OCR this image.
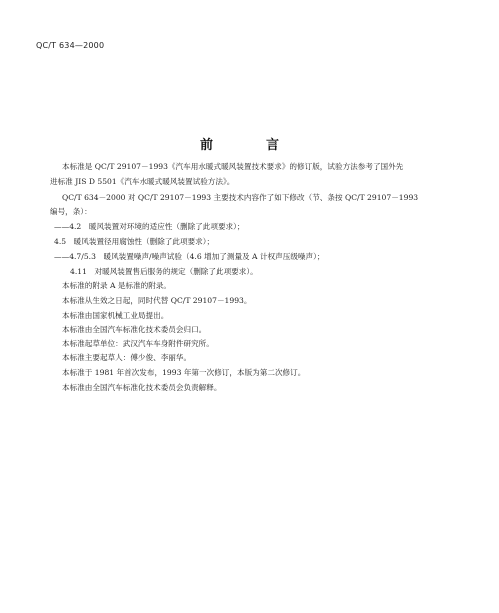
QC/T 634—2000
前　言
本标准是 QC/T 29107－1993《汽车用水暖式暖风装置技术要求》的修订版，试验方法参考了国外先
进标准 JIS D 5501《汽车水暖式暖风装置试验方法》。
QC/T 634－2000 对 QC/T 29107－1993 主要技术内容作了如下修改（节、条按 QC/T 29107－1993
编号，条）：
——4.2　暖风装置对环境的适应性（删除了此项要求）；
4.5　暖风装置径用腐蚀性（删除了此项要求）；
——4.7/5.3　暖风装置噪声/噪声试验（4.6 增加了测量及 A 计权声压级噪声）；
4.11　对暖风装置售后服务的规定（删除了此项要求）。
本标准的附录 A 是标准的附录。
本标准从生效之日起，同时代替 QC/T 29107－1993。
本标准由国家机械工业局提出。
本标准由全国汽车标准化技术委员会归口。
本标准起草单位：武汉汽车车身附件研究所。
本标准主要起草人：傅少俊、李丽华。
本标准于 1981 年首次发布，1993 年第一次修订，本版为第二次修订。
本标准由全国汽车标准化技术委员会负责解释。
